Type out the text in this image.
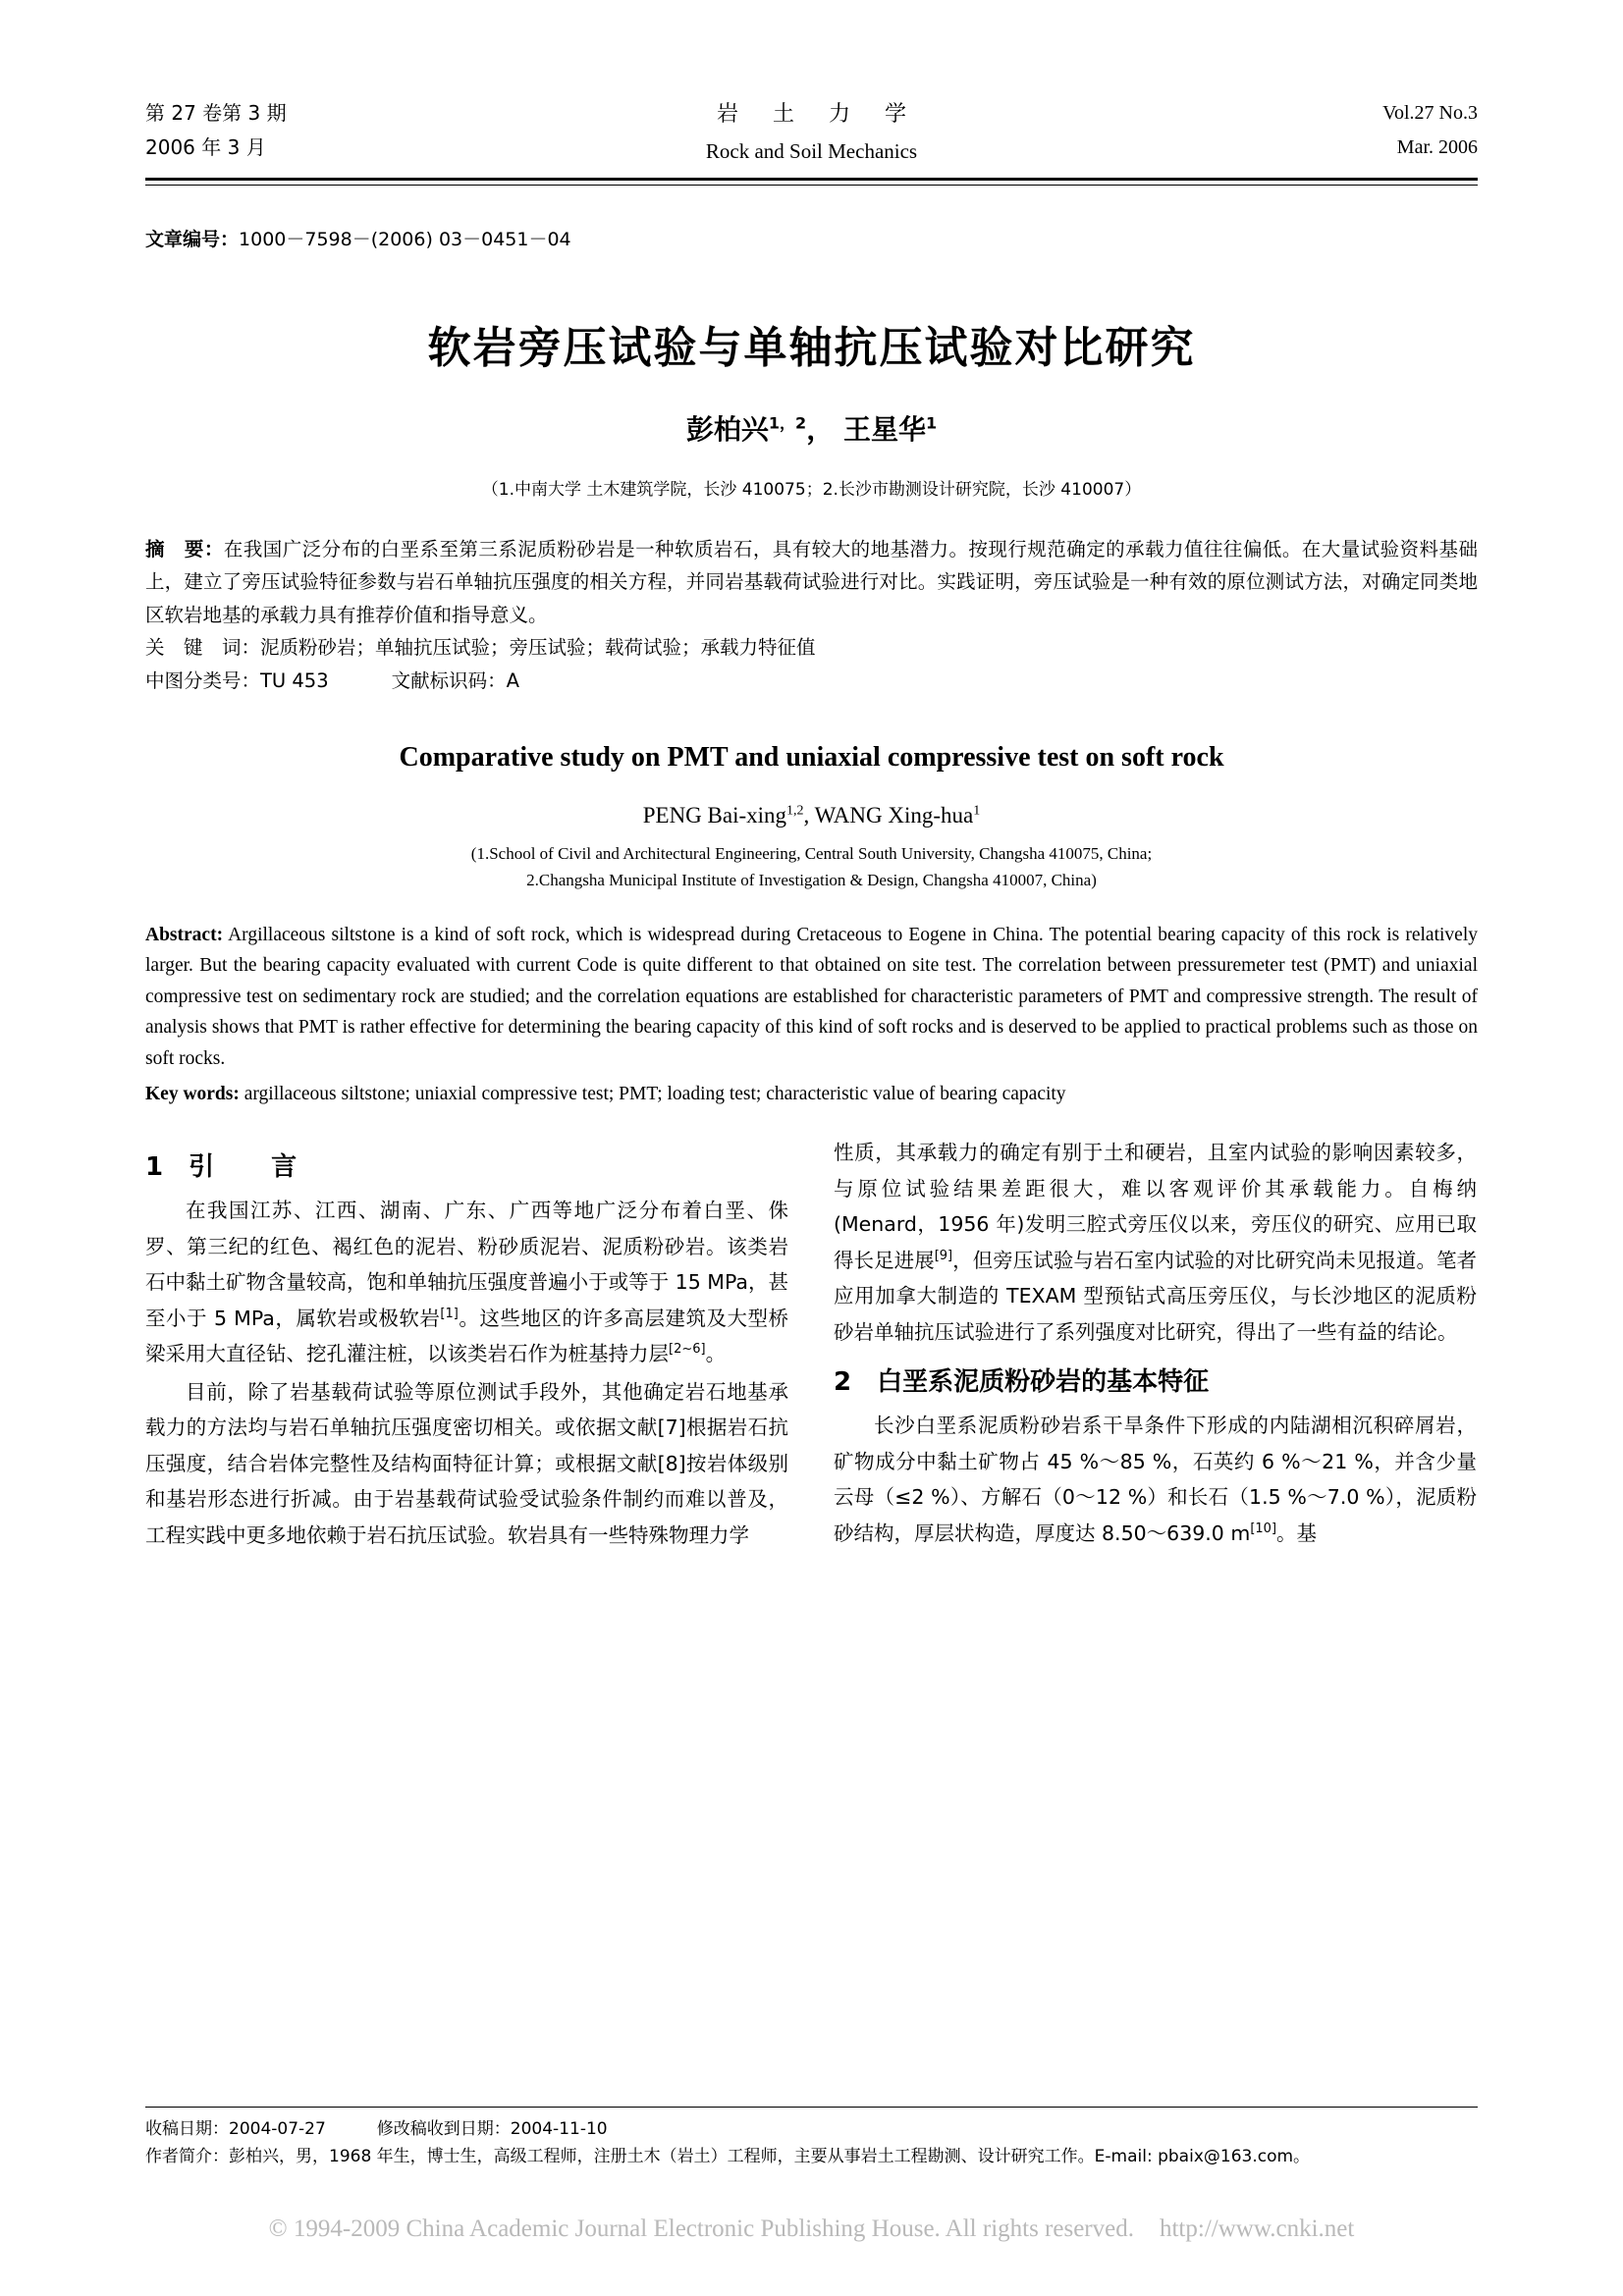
第 27 卷第 3 期
2006 年 3 月
岩 土 力 学
Rock and Soil Mechanics
Vol.27 No.3
Mar. 2006
文章编号：1000－7598－(2006) 03－0451－04
软岩旁压试验与单轴抗压试验对比研究
彭柏兴$^{1,2}$， 王星华$^1$
（1.中南大学 土木建筑学院，长沙 410075；2.长沙市勘测设计研究院，长沙 410007）
摘　要：在我国广泛分布的白垩系至第三系泥质粉砂岩是一种软质岩石，具有较大的地基潜力。按现行规范确定的承载力值往往偏低。在大量试验资料基础上，建立了旁压试验特征参数与岩石单轴抗压强度的相关方程，并同岩基载荷试验进行对比。实践证明，旁压试验是一种有效的原位测试方法，对确定同类地区软岩地基的承载力具有推荐价值和指导意义。
关　键　词：泥质粉砂岩；单轴抗压试验；旁压试验；载荷试验；承载力特征值
中图分类号：TU 453	文献标识码：A
Comparative study on PMT and uniaxial compressive test on soft rock
PENG Bai-xing$^{1,2}$, WANG Xing-hua$^1$
(1.School of Civil and Architectural Engineering, Central South University, Changsha 410075, China;
2.Changsha Municipal Institute of Investigation & Design, Changsha 410007, China)
Abstract: Argillaceous siltstone is a kind of soft rock, which is widespread during Cretaceous to Eogene in China. The potential bearing capacity of this rock is relatively larger. But the bearing capacity evaluated with current Code is quite different to that obtained on site test. The correlation between pressuremeter test (PMT) and uniaxial compressive test on sedimentary rock are studied; and the correlation equations are established for characteristic parameters of PMT and compressive strength. The result of analysis shows that PMT is rather effective for determining the bearing capacity of this kind of soft rocks and is deserved to be applied to practical problems such as those on soft rocks.
Key words: argillaceous siltstone; uniaxial compressive test; PMT; loading test; characteristic value of bearing capacity
1 引　言

在我国江苏、江西、湖南、广东、广西等地广泛分布着白垩、侏罗、第三纪的红色、褐红色的泥岩、粉砂质泥岩、泥质粉砂岩。该类岩石中黏土矿物含量较高，饱和单轴抗压强度普遍小于或等于 15 MPa，甚至小于 5 MPa，属软岩或极软岩[1]。这些地区的许多高层建筑及大型桥梁采用大直径钻、挖孔灌注桩，以该类岩石作为桩基持力层[2~6]。

目前，除了岩基载荷试验等原位测试手段外，其他确定岩石地基承载力的方法均与岩石单轴抗压强度密切相关。或依据文献[7]根据岩石抗压强度，结合岩体完整性及结构面特征计算；或根据文献[8]按岩体级别和基岩形态进行折减。由于岩基载荷试验受试验条件制约而难以普及，工程实践中更多地依赖于岩石抗压试验。软岩具有一些特殊物理力学

性质，其承载力的确定有别于土和硬岩，且室内试验的影响因素较多，与原位试验结果差距很大，难以客观评价其承载能力。自梅纳(Menard，1956 年)发明三腔式旁压仪以来，旁压仪的研究、应用已取得长足进展[9]，但旁压试验与岩石室内试验的对比研究尚未见报道。笔者应用加拿大制造的 TEXAM 型预钻式高压旁压仪，与长沙地区的泥质粉砂岩单轴抗压试验进行了系列强度对比研究，得出了一些有益的结论。

2 白垩系泥质粉砂岩的基本特征

长沙白垩系泥质粉砂岩系干旱条件下形成的内陆湖相沉积碎屑岩，矿物成分中黏土矿物占 45 %～85 %，石英约 6 %～21 %，并含少量云母（≤2 %）、方解石（0～12 %）和长石（1.5 %～7.0 %），泥质粉砂结构，厚层状构造，厚度达 8.50～639.0 m[10]。基

收稿日期：2004-07-27	修改稿收到日期：2004-11-10
作者简介：彭柏兴，男，1968 年生，博士生，高级工程师，注册土木（岩土）工程师，主要从事岩土工程勘测、设计研究工作。E-mail: pbaix@163.com。
© 1994-2009 China Academic Journal Electronic Publishing House. All rights reserved. http://www.cnki.net
